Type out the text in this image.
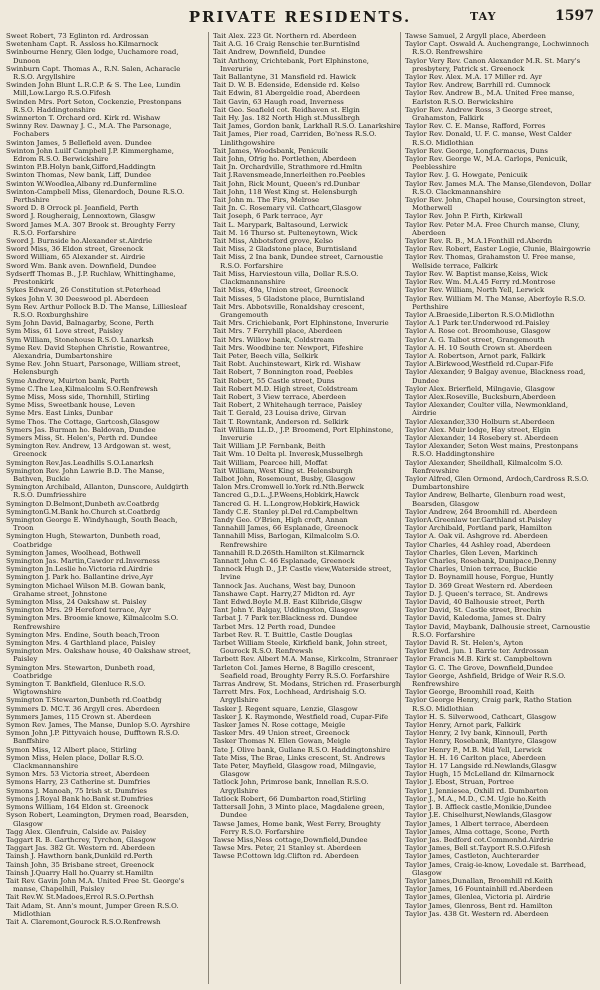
PRIVATE RESIDENTS.	TAY	1597
Sweet Robert, 73 Eglinton rd. Ardrossan
Swetenham Capt. R. Assloss ho.Kilmarnock
Swinbourne Henry, Glen lodge, Uuchamore road, Dunoon
Swinburn Capt. Thomas A., R.N. Salen, Acharacle R.S.O. Argyllshire
Swinden John Blunt L.R.C.P. & S. The Lee, Lundin Mill,Low.Largo R.S.O.Fifesh
Swinden Mrs. Port Seton, Cockenzie, Prestonpans R.S.O. Haddingtonshire
Swinnerton T. Orchard ord. Kirk rd. Wishaw
Swinny Rev. Dawnay J. C., M.A. The Parsonage, Fochabers
Swinton James, 5 Bellefield aven. Dundee
Swinton John Luilf Campbell J.P. Kimmerghame, Edrom R.S.O. Berwickshire
Swinton P.B.Holyn bank,Gifford,Haddingtn
Swinton Thomas, New bank, Liff, Dundee
Swinton W.Woodlea,Albany rd.Dunfermline
Swinton-Campbell Miss, Glenardoch, Doune R.S.O. Perthshire
Sword D. 8 Orrock pl. Jeanfield, Perth
Sword J. Rougheraig, Lennoxtown, Glasgw
Sword James M.A. 307 Brook st. Broughty Ferry R.S.O. Forfarshire
Sword J. Burnside ho.Alexander st.Airdrie
Sword Miss, 36 Eldon street, Greenock
Sword William, 65 Alexander st. Airdrie
Sword Wm. Bank aven. Downfield, Dundee
Sydserff Thomas B., J.P. Ruchlaw, Whittinghame, Prestonkirk
Sykes Edward, 26 Constitution st.Peterhead
Sykes John V. 30 Deeswood pl. Aberdeen
Sym Rev. Arthur Pollock B.D. The Manse, Lilliesleaf R.S.O. Roxburghshire
Sym John David, Balnagarby, Scone, Perth
Sym Miss, 61 Love street, Paisley
Sym William, Stonehouse R.S.O. Lanarksh
Syme Rev. David Stephen Christie, Rowantree, Alexandria, Dumbartonshire
Syme Rev. John Stuart, Parsonage, William street, Helensburgh
Syme Andrew, Muirton bank, Perth
Syme C.The Lea,Kilmalcolm S.O.Renfrewsh
Syme Miss, Moss side, Thornhill, Stirling
Syme Miss, Sweetbank house, Leven
Syme Mrs. East Links, Dunbar
Syme Thos. The Cottage, Gartcosh,Glasgow
Symers Jas. Burman ho. Baldovan, Dundee
Symers Miss, St. Helen's, Perth rd. Dundee
Symington Rev. Andrew, 13 Ardgowan st. west, Greenock
Symington Rev.Jas.Leadhills S.O.Lanarksh
Symington Rev. John Lawrie B.D. The Manse, Bathven, Buckie
Symington Archibald, Allanton, Dunscore, Auldgirth R.S.O. Dumfriesshire
Symington D.Belmont,Dunbeth av.Coatbrdg
SymingtonG.M.Bank ho.Church st.Coatbrdg
Symington George E. Windyhaugh, South Beach, Troon
Symington Hugh, Stewarton, Dunbeth road, Coatbridge
Symington James, Woolhead, Bothwell
Symington Jas. Martin,Cawdor rd.Inverness
Symington Jn.Leslie ho.Victoria rd.Airdrie
Symington J. Park ho. Ballantine drive,Ayr
Symington Michael Wilson M.B. Gowan bank, Grahame street, Johnstone
Symington Miss, 24 Oakshaw st. Paisley
Symington Mrs. 29 Hereford terrace, Ayr
Symington Mrs. Broomie knowe, Kilmalcolm S.O. Renfrewshire
Symington Mrs. Endine, South beach,Troon
Symington Mrs. 4 Garthland place, Paisley
Symington Mrs. Oakshaw house, 40 Oakshaw street, Paisley
Symington Mrs. Stewarton, Dunbeth road, Coatbridge
Symington T. Bankfield, Glenluce R.S.O. Wigtownshire
Symington T.Stewarton,Dunbeth rd.Coatbdg
Symmers D. MC.T. 36 Argyll cres. Aberdeen
Symmers James, 115 Crown st. Aberdeen
Symon Rev. James, The Manse, Dunlop S.O. Ayrshire
Symon John J.P. Pittyvaich house, Dufftown R.S.O. Banffshire
Symon Miss, 12 Albert place, Stirling
Symon Miss, Helen place, Dollar R.S.O. Clackmannanshire
Symon Mrs. 53 Victoria street, Aberdeen
Symons Harry, 23 Catherine st. Dumfries
Symons J. Manoah, 75 Irish st. Dumfries
Symons J.Royal Bank ho.Bank st.Dumfries
Symons William, 164 Eldon st. Greenock
Syson Robert, Leamington, Drymen road, Bearsden, Glasgow
Tagg Alex. Glenfruin, Calside av. Paisley
Taggart R. B. Garthcrey, Tyrchon, Glasgow
Taggart Jas. 382 Gt. Western rd. Aberdeen
Tainsh J. Hawthorn bank,Dunkild rd.Perth
Tainsh John, 35 Brisbane street, Greenock
Tainsh J.Quarry Hall ho.Quarry st.Hamiltn
Tait Rev. Gavin John M.A. United Free St. George's manse, Chapelhill, Paisley
Tait Rev.W. St.Madoes,Errol R.S.O.Perthsh
Tait Adam, St. Ann's mount, Jumper Green R.S.O. Midlothian
Tait A. Claremont,Gourock R.S.O.Renfrewsh
Tait Alex. 223 Gt. Northern rd. Aberdeen
Tait A.G. 16 Craig Renschie ter.Burntislnd
Tait Andrew, Downfield, Dundee
Tait Anthony, Crichtebank, Port Elphinstone, Inverurie
Tait Ballantyne, 31 Mansfield rd. Hawick
Tait D. W. B. Edenside, Edenside rd. Kelso
Tait Edwin, 81 Abergeldie road, Aberdeen
Tait Gavin, 63 Haugh road, Inverness
Tait Geo. Seafield cot. Reidhaven st. Elgin
Tait Hy. Jas. 182 North High st.Musslbrgh
Tait James, Gordon bank, Larkhall R.S.O. Lanarkshire
Tait James, Pier road, Carriden, Bo'ness R.S.O. Linlithgowshire
Tait James, Woodsbank, Penicuik
Tait John, Ofrig ho. Portlethen, Aberdeen
Tait Jn. Orchardville, Strathmore rd.Hmltn
Tait J.Ravensmeade,Innerleithen ro.Peebles
Tait John, Rick Mount, Queen's rd.Dunbar
Tait John, 118 West King st. Helensburgh
Tait John m. The Firs, Melrose
Tait Jn. C. Rosemary vil. Cathcart,Glasgow
Tait Joseph, 6 Park terrace, Ayr
Tait L. Marypark, Baltasound, Lerwick
Tait M. 16 Thurso st. Pulteneytown, Wick
Tait Miss, Abbotsford grove, Kelso
Tait Miss, 2 Gladstone place, Burntisland
Tait Miss, 2 Ina bank, Dundee street, Carnoustie R.S.O. Forfarshire
Tait Miss, Harviestoun villa, Dollar R.S.O. Clackmannanshire
Tait Miss, 49a, Union street, Greenock
Tait Misses, 5 Gladstone place, Burntisland
Tait Mrs. Abbotsville, Ronaldshay crescent, Grangemouth
Tait Mrs. Crichiebank, Port Elphinstone, Inverurie
Tait Mrs. 7 Ferryhill place, Aberdeen
Tait Mrs. Willow bank, Coldstream
Tait Mrs. Woodbine ter. Newport, Fifeshire
Tait Peter, Beech villa, Selkirk
Tait Robt. Auchinstewart, Kirk rd. Wishaw
Tait Robert, 7 Bonnington road, Peebles
Tait Robert, 55 Castle street, Duns
Tait Robert M.D. High street, Coldstream
Tait Robert, 3 View terrace, Aberdeen
Tait Robert, 2 Whitehaugh terrace, Paisley
Tait T. Gerald, 23 Louisa drive, Girvan
Tait T. Rowntank, Anderson rd. Selkirk
Tait William LL.D., J.P. Broomend, Port Elphinstone, Inverurie
Tait William J.P. Fernbank, Beith
Tait Wm. 10 Delta pl. Inveresk,Musselbrgh
Tait William, Pearcee hill, Moffat
Tait William, West King st. Helensburgh
Talbot John, Rosemount, Busby, Glasgow
Talon Mrs.Cromwell lo.York rd.Nth.Berwck
Tancred G.,D.L.,J.P.Weens,Hobkirk,Hawck
Tancred G. H. L.Longrow,Hobkirk,Hawick
Tandy C.E. Stanley pl.Del rd.Campbeltwn
Tandy Geo. O'Brien, High croft, Annan
Tannahill James, 66 Esplanade, Greenock
Tannahill Miss, Barlogan, Kilmalcolm S.O. Renfrewshire
Tannahill R.D.26Sth.Hamilton st.Kilmarnck
Tannatt John C. 46 Esplanade, Greenock
Tannock Hugh D., J.P. Castle view,Waterside street, Irvine
Tannock Jas. Auchans, West bay, Dunoon
Tanshawe Capt. Harry,27 Midton rd. Ayr
Tant Edwd.Boyle M.B. East Kilbride,Glsgw
Tant John Y. Balgay, Uddingston, Glasgow
Tarbat J. 7 Park ter.Blackness rd. Dundee
Tarbet Mrs. 12 Perth road, Dundee
Tarbet Rev. R. T. Buittle, Castle Douglas
Tarbet William Steele, Kirkfield bank, John street, Gourock R.S.O. Renfrewsh
Tarbett Rev. Albert M.A. Manse, Kirkcolm, Stranraer
Tarleton Col. James Herne, 8 Bagillo crescent, Seafield road, Broughty Ferry R.S.O. Forfarshire
Tarras Andrew, St. Modans, Strichen rd. Fraserburgh
Tarrett Mrs. Fox, Lochhead, Ardrishaig S.O. Argyllshire
Tasker J. Regent square, Lenzie, Glasgow
Tasker J. K. Raymonde, Westfield road, Cupar-Fife
Tasker James N. Rose cottage, Meigle
Tasker Mrs. 49 Union street, Greenock
Tasker Thomas N. Ellen Gowan, Meigle
Tate J. Olive bank, Gullane R.S.O. Haddingtonshire
Tate Miss, The Brae, Links crescent, St. Andrews
Tate Peter, Mayfield, Glasgow road, Milngavie, Glasgow
Tatlock John, Primrose bank, Innellan R.S.O. Argyllshire
Tatlock Robert, 66 Dumbarton road,Stirling
Tattersall John, 3 Minto place, Magdalene green, Dundee
Tawse James, Home bank, West Ferry, Broughty Ferry R.S.O. Forfarshire
Tawse Miss,Ness cottage,Downfield,Dundee
Tawse Mrs. Peter, 21 Stanley st. Aberdeen
Tawse P.Cottown ldg.Clifton rd. Aberdeen
Tawse Samuel, 2 Argyll place, Aberdeen
Taylor Capt. Oswald A. Auchengrange, Lochwinnoch R.S.O. Renfrewshire
Taylor Very Rev. Canon Alexander M.R. St. Mary's presbytery, Patrick st. Greenock
Taylor Rev. Alex. M.A. 17 Miller rd. Ayr
Taylor Rev. Andrew, Barrhill rd. Cumnock
Taylor Rev. Andrew B., M.A. United Free manse, Earlston R.S.O. Berwickshire
Taylor Rev. Andrew Ross, 3 George street, Grahamston, Falkirk
Taylor Rev. C. E. Manse, Rafford, Forres
Taylor Rev. Donald, U. F. C. manse, West Calder R.S.O. Midlothian
Taylor Rev. George, Longformacus, Duns
Taylor Rev. George W., M.A. Carlops, Penicuik, Peeblesshire
Taylor Rev. J. G. Howgate, Penicuik
Taylor Rev. James M.A. The Manse,Glendevon, Dollar R.S.O. Clackmannanshire
Taylor Rev. John, Chapel house, Coursington street, Motherwell
Taylor Rev. John P. Firth, Kirkwall
Taylor Rev. Peter M.A. Free Church manse, Cluny, Aberdeen
Taylor Rev. R. B., M.A.1Fonthill rd.Aberdn
Taylor Rev. Robert, Easter Logie, Clunie, Blairgowrie
Taylor Rev. Thomas, Grahamston U. Free manse, Wellside terrace, Falkirk
Taylor Rev. W. Baptist manse,Keiss, Wick
Taylor Rev. Wm. M.A.45 Ferry rd.Montrose
Taylor Rev. William, North Yell, Lerwick
Taylor Rev. William M. The Manse, Aberfoyle R.S.O. Perthshire
Taylor A.Braeside,Liberton R.S.O.Midlothn
Taylor A.1 Park ter.Underwood rd.Paisley
Taylor A. Rose cot. Broomhouse, Glasgow
Taylor A. G. Talbot street, Grangemouth
Taylor A. H. 10 South Crown st. Aberdeen
Taylor A. Robertson, Arnot park, Falkirk
Taylor A.Birkwood,Westfield rd.Cupar-Fife
Taylor Alexander, 9 Balgay avenue, Blackness road, Dundee
Taylor Alex. Brierfield, Milngavie, Glasgow
Taylor Alex.Roseville, Bucksburn,Aberdeen
Taylor Alexander, Coulter villa, Newmonkland, Airdrie
Taylor Alexander,330 Holburn st.Aberdeen
Taylor Alex. Muir lodge, Hay street, Elgin
Taylor Alexander, 14 Rosebery st. Aberdeen
Taylor Alexander, Seton West mains, Prestonpans R.S.O. Haddingtonshire
Taylor Alexander, Sheildhall, Kilmalcolm S.O. Renfrewshire
Taylor Alfred, Glen Ormond, Ardoch,Cardross R.S.O. Dumbartonshire
Taylor Andrew, Belharte, Glenburn road west, Bearsden, Glasgow
Taylor Andrew, 264 Broomhill rd. Aberdeen
TaylorA.Greenlaw ter.Garthland st.Paisley
Taylor Archibald, Portland park, Hamilton
Taylor A. Oak vil. Ashgrove rd. Aberdeen
Taylor Charles, 44 Ashley road, Aberdeen
Taylor Charles, Glen Leven, Markinch
Taylor Charles, Rosebank, Dunipace,Denny
Taylor Charles, Union terrace, Buckie
Taylor D. Boynamill house, Forgue, Huntly
Taylor D. 369 Great Western rd. Aberdeen
Taylor D. J. Queen's terrace, St. Andrews
Taylor David, 40 Balhousie street, Perth
Taylor David, St. Castle street, Brechin
Taylor David, Kaledoma, James st. Dalry
Taylor David, Maybank, Dalhousie street, Carnoustie R.S.O. Forfarshire
Taylor David R. St. Helen's, Ayton
Taylor Edwd. jun. 1 Barrie ter. Ardrossan
Taylor Francis M.B. Kirk st. Campbeltown
Taylor G. C. The Grove, Downfield,Dundee
Taylor George, Ashfield, Bridge of Weir R.S.O. Renfrewshire
Taylor George, Broomhill road, Keith
Taylor George Henry, Craig park, Ratho Station R.S.O. Midlothian
Taylor H. S. Silverwood, Cathcart, Glasgow
Taylor Henry, Arnot park, Falkirk
Taylor Henry, 2 Ivy bank, Kinnoull, Perth
Taylor Henry, Rosebank, Blantyre, Glasgow
Taylor Henry P., M.B. Mid Yell, Lerwick
Taylor H. H. 16 Carlton place, Aberdeen
Taylor H. 17 Langside rd.Newlands,Glasgw
Taylor Hugh, 15 McLelland dr. Kilmarnock
Taylor J. Ebost, Struan, Portree
Taylor J. Jenniesea, Oxhill rd. Dumbarton
Taylor J., M.A., M.D., C.M. Ugie ho.Keith
Taylor J. B. Affleck castle,Monikie,Dundee
Taylor J.E. Chiselhurst,Newlands,Glasgow
Taylor James, 1 Albert terrace, Aberdeen
Taylor James, Alma cottage, Scone, Perth
Taylor Jas. Bedford cot.Commonhd.Airdrie
Taylor James, Bell st.Tayport R.S.O.Fifesh
Taylor James, Castleton, Auchterarder
Taylor James, Craig-ie-know, Lovedale st. Barrhead, Glasgow
Taylor James,Dunallan, Broomhill rd.Keith
Taylor James, 16 Fountainhill rd.Aberdeen
Taylor James, Glenlea, Victoria pl. Airdrie
Taylor James, Glenross, Bent rd. Hamilton
Taylor Jas. 438 Gt. Western rd. Aberdeen
